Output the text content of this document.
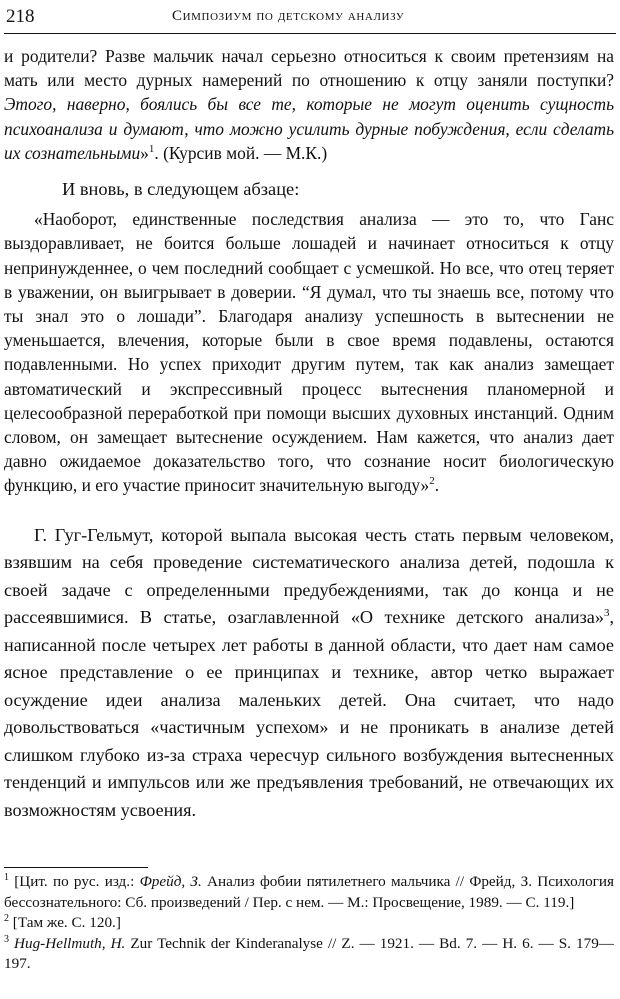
218	Симпозиум по детскому анализу

и родители? Разве мальчик начал серьезно относиться к своим претензиям на мать или место дурных намерений по отношению к отцу заняли поступки? Этого, наверно, боялись бы все те, которые не могут оценить сущность психоанализа и думают, что можно усилить дурные побуждения, если сделать их сознательными»$^1$. (Курсив мой. — М.К.)

И вновь, в следующем абзаце:

«Наоборот, единственные последствия анализа — это то, что Ганс выздоравливает, не боится больше лошадей и начинает относиться к отцу непринужденнее, о чем последний сообщает с усмешкой. Но все, что отец теряет в уважении, он выигрывает в доверии. “Я думал, что ты знаешь все, потому что ты знал это о лошади”. Благодаря анализу успешность в вытеснении не уменьшается, влечения, которые были в свое время подавлены, остаются подавленными. Но успех приходит другим путем, так как анализ замещает автоматический и экспрессивный процесс вытеснения планомерной и целесообразной переработкой при помощи высших духовных инстанций. Одним словом, он замещает вытеснение осуждением. Нам кажется, что анализ дает давно ожидаемое доказательство того, что сознание носит биологическую функцию, и его участие приносит значительную выгоду»$^2$.

Г. Гуг-Гельмут, которой выпала высокая честь стать первым человеком, взявшим на себя проведение систематического анализа детей, подошла к своей задаче с определенными предубеждениями, так до конца и не рассеявшимися. В статье, озаглавленной «О технике детского анализа»$^3$, написанной после четырех лет работы в данной области, что дает нам самое ясное представление о ее принципах и технике, автор четко выражает осуждение идеи анализа маленьких детей. Она считает, что надо довольствоваться «частичным успехом» и не проникать в анализе детей слишком глубоко из-за страха чересчур сильного возбуждения вытесненных тенденций и импульсов или же предъявления требований, не отвечающих их возможностям усвоения.

$^1$ [Цит. по рус. изд.: Фрейд, З. Анализ фобии пятилетнего мальчика // Фрейд, З. Психология бессознательного: Сб. произведений / Пер. с нем. — М.: Просвещение, 1989. — С. 119.]

$^2$ [Там же. С. 120.]

$^3$ Hug-Hellmuth, H. Zur Technik der Kinderanalyse // Z. — 1921. — Bd. 7. — H. 6. — S. 179—197.
